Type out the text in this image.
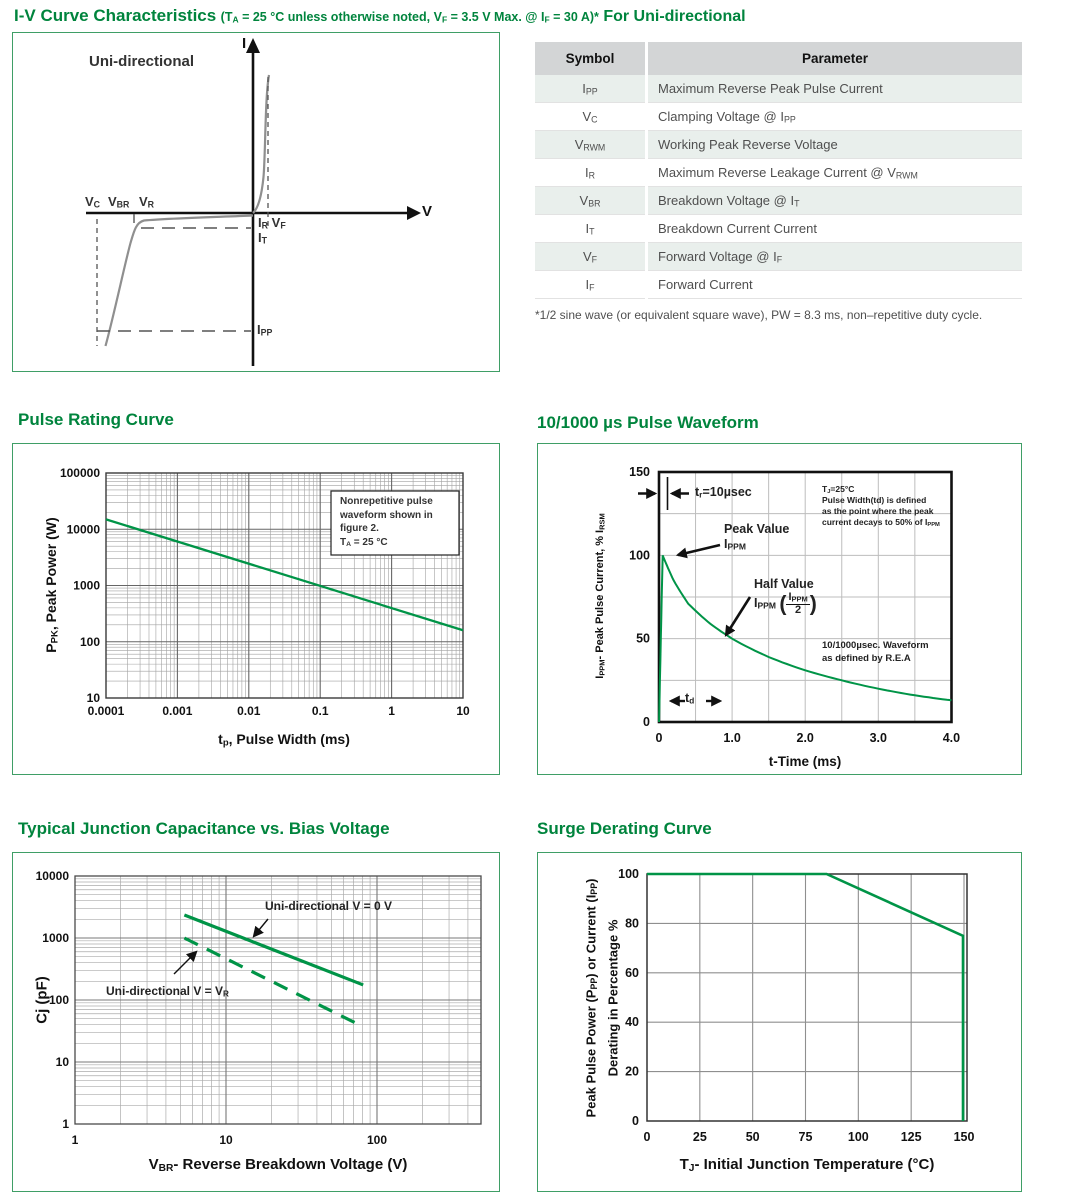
I-V Curve Characteristics ($T_A = 25$ °C unless otherwise noted, $V_F = 3.5$ V Max. @ $I_F = 30$ A)* For Uni-directional
Uni-directional
I
V
$V_C$ $V_{BR}$ $V_R$
$I_R$ $V_F$
$I_T$
$I_{PP}$
Symbol	Parameter
$I_{PP}$	Maximum Reverse Peak Pulse Current
$V_C$	Clamping Voltage @ $I_{PP}$
$V_{RWM}$	Working Peak Reverse Voltage
$I_R$	Maximum Reverse Leakage Current @ $V_{RWM}$
$V_{BR}$	Breakdown Voltage @ $I_T$
$I_T$	Breakdown Current Current
$V_F$	Forward Voltage @ $I_F$
$I_F$	Forward Current
*1/2 sine wave (or equivalent square wave), PW = 8.3 ms, non–repetitive duty cycle.
Pulse Rating Curve	10/1000 µs Pulse Waveform
Typical Junction Capacitance vs. Bias Voltage	Surge Derating Curve
10
100
1000
10000
100000
0.0001	0.001	0.01	0.1	1	10
Nonrepetitive pulse
waveform shown in
figure 2.
$T_A = 25$ °C
$t_p$, Pulse Width (ms)
$P_{PK}$, Peak Power (W)
0
50
100
150
0	1.0	2.0	3.0	4.0
$t_r=10\mu\sec$	$T_J=25^\circ C$
Pulse Width(td) is defined
as the point where the peak
current decays to 50% of $I_{PPM}$
Peak Value
$I_{PPM}$
Half Value
$I_{PPM}$ ( $\frac{I_{PPM}}{2}$ )
10/1000µsec. Waveform
as defined by R.E.A
$t_d$
t-Time (ms)
$I_{PPM}-$ Peak Pulse Current, % $I_{RSM}$
1
10
100
1000
10000
1	10	100
Uni-directional V = 0 V
Uni-directional $V = V_R$
$V_{BR}-$ Reverse Breakdown Voltage (V)
Cj (pF)
0
20
40
60
80
100
0	25	50	75	100	125	150
$T_J-$ Initial Junction Temperature (°C)
Peak Pulse Power $(P_{PP})$ or Current $(I_{PP})$
Derating in Percentage %
